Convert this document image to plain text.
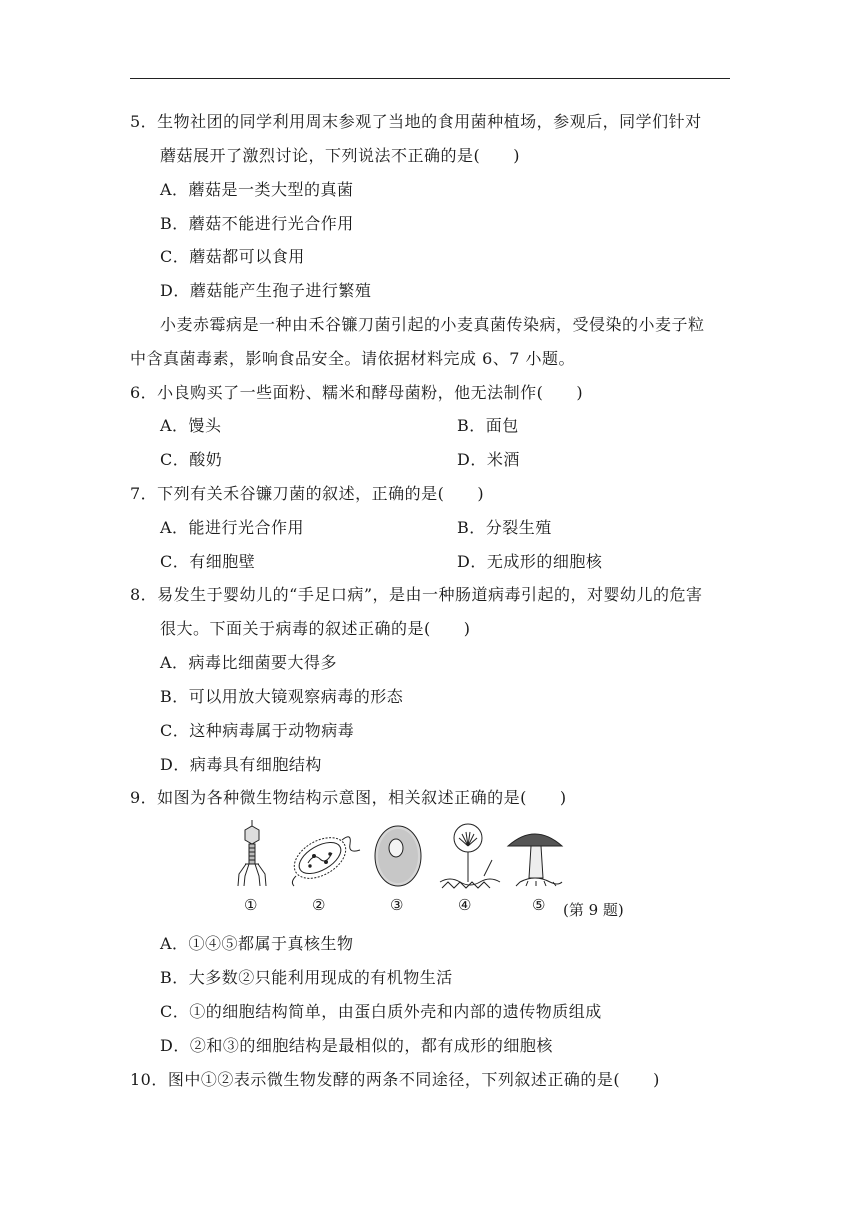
5．生物社团的同学利用周末参观了当地的食用菌种植场，参观后，同学们针对
蘑菇展开了激烈讨论，下列说法不正确的是(　　)
A．蘑菇是一类大型的真菌
B．蘑菇不能进行光合作用
C．蘑菇都可以食用
D．蘑菇能产生孢子进行繁殖
小麦赤霉病是一种由禾谷镰刀菌引起的小麦真菌传染病，受侵染的小麦子粒
中含真菌毒素，影响食品安全。请依据材料完成 6、7 小题。
6．小良购买了一些面粉、糯米和酵母菌粉，他无法制作(　　)
A．馒头	B．面包
C．酸奶	D．米酒
7．下列有关禾谷镰刀菌的叙述，正确的是(　　)
A．能进行光合作用	B．分裂生殖
C．有细胞壁	D．无成形的细胞核
8．易发生于婴幼儿的“手足口病”，是由一种肠道病毒引起的，对婴幼儿的危害
很大。下面关于病毒的叙述正确的是(　　)
A．病毒比细菌要大得多
B．可以用放大镜观察病毒的形态
C．这种病毒属于动物病毒
D．病毒具有细胞结构
9．如图为各种微生物结构示意图，相关叙述正确的是(　　)
①	②	③	④	⑤ (第 9 题)
A．①④⑤都属于真核生物
B．大多数②只能利用现成的有机物生活
C．①的细胞结构简单，由蛋白质外壳和内部的遗传物质组成
D．②和③的细胞结构是最相似的，都有成形的细胞核
10．图中①②表示微生物发酵的两条不同途径，下列叙述正确的是(　　)
